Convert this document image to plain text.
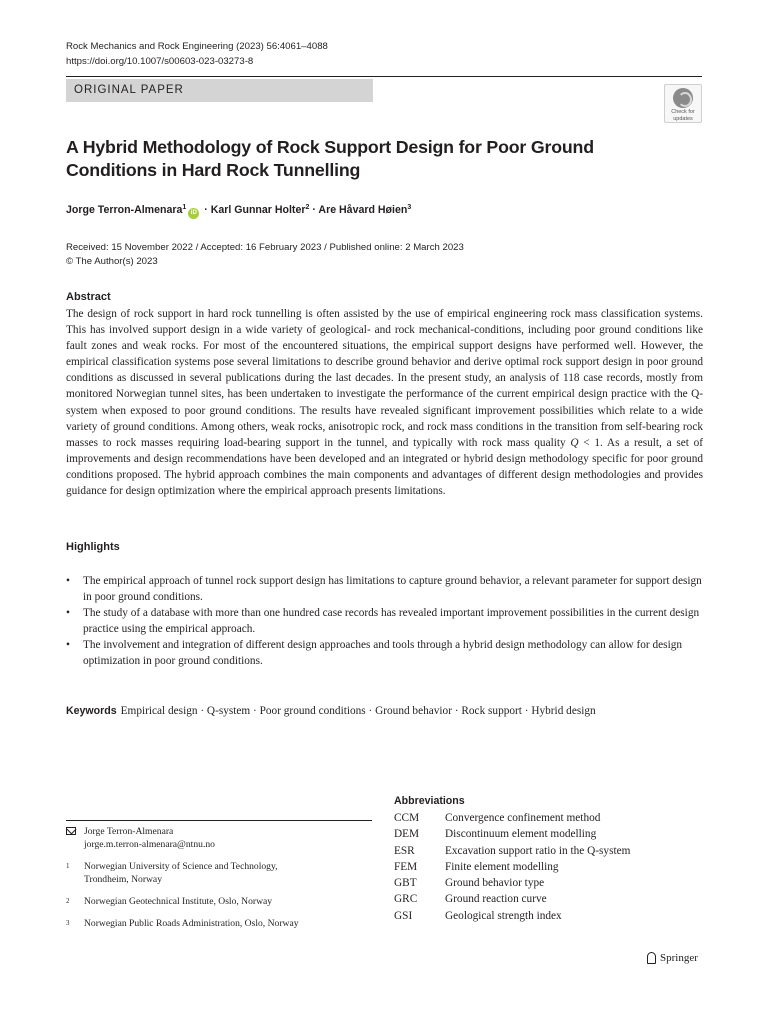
Rock Mechanics and Rock Engineering (2023) 56:4061–4088
https://doi.org/10.1007/s00603-023-03273-8
ORIGINAL PAPER
Check for
updates
A Hybrid Methodology of Rock Support Design for Poor Ground Conditions in Hard Rock Tunnelling
Jorge Terron-Almenara$^1$iD · Karl Gunnar Holter$^2$ · Are Håvard Høien$^3$
Received: 15 November 2022 / Accepted: 16 February 2023 / Published online: 2 March 2023
© The Author(s) 2023
Abstract

The design of rock support in hard rock tunnelling is often assisted by the use of empirical engineering rock mass classification systems. This has involved support design in a wide variety of geological- and rock mechanical-conditions, including poor ground conditions like fault zones and weak rocks. For most of the encountered situations, the empirical support designs have performed well. However, the empirical classification systems pose several limitations to describe ground behavior and derive optimal rock support design in poor ground conditions as discussed in several publications during the last decades. In the present study, an analysis of 118 case records, mostly from monitored Norwegian tunnel sites, has been undertaken to investigate the performance of the current empirical design practice with the Q-system when exposed to poor ground conditions. The results have revealed significant improvement possibilities which relate to a wide variety of ground conditions. Among others, weak rocks, anisotropic rock, and rock mass conditions in the transition from self-bearing rock masses to rock masses requiring load-bearing support in the tunnel, and typically with rock mass quality Q < 1. As a result, a set of improvements and design recommendations have been developed and an integrated or hybrid design methodology specific for poor ground conditions proposed. The hybrid approach combines the main components and advantages of different design methodologies and provides guidance for design optimization where the empirical approach presents limitations.

Highlights
• The empirical approach of tunnel rock support design has limitations to capture ground behavior, a relevant parameter for support design in poor ground conditions.
• The study of a database with more than one hundred case records has revealed important improvement possibilities in the current design practice using the empirical approach.
• The involvement and integration of different design approaches and tools through a hybrid design methodology can allow for design optimization in poor ground conditions.
Keywords Empirical design · Q-system · Poor ground conditions · Ground behavior · Rock support · Hybrid design
Jorge Terron-Almenara
jorge.m.terron-almenara@ntnu.no
1 Norwegian University of Science and Technology,
Trondheim, Norway
2 Norwegian Geotechnical Institute, Oslo, Norway
3 Norwegian Public Roads Administration, Oslo, Norway
Abbreviations
CCM	Convergence confinement method
DEM	Discontinuum element modelling
ESR	Excavation support ratio in the Q-system
FEM	Finite element modelling
GBT	Ground behavior type
GRC	Ground reaction curve
GSI	Geological strength index
Springer
